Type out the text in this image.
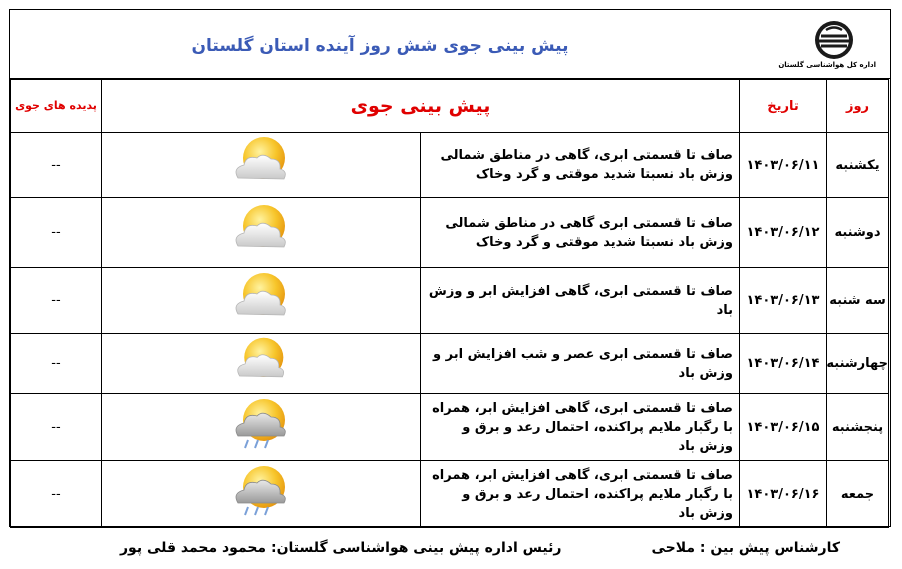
پیش بینی جوی شش روز آینده استان گلستان
اداره کل هواشناسی گلستان
روز	تاریخ	پیش بینی جوی		پدیده های جوی
یکشنبه	۱۴۰۳/۰۶/۱۱	صاف تا قسمتی ابری، گاهی در مناطق شمالی وزش باد نسبتا شدید موقتی و گرد وخاک		--
دوشنبه	۱۴۰۳/۰۶/۱۲	صاف تا قسمتی ابری گاهی در مناطق شمالی وزش باد نسبتا شدید موقتی و گرد وخاک		--
سه شنبه	۱۴۰۳/۰۶/۱۳	صاف تا قسمتی ابری، گاهی افزایش ابر و وزش باد		--
چهارشنبه	۱۴۰۳/۰۶/۱۴	صاف تا قسمتی ابری عصر و شب افزایش ابر و وزش باد		--
پنجشنبه	۱۴۰۳/۰۶/۱۵	صاف تا قسمتی ابری، گاهی افزایش ابر، همراه با رگبار ملایم پراکنده، احتمال رعد و برق و وزش باد		--
جمعه	۱۴۰۳/۰۶/۱۶	صاف تا قسمتی ابری، گاهی افزایش ابر، همراه با رگبار ملایم پراکنده، احتمال رعد و برق و وزش باد		--
کارشناس پیش بین : ملاحی
رئیس اداره پیش بینی هواشناسی گلستان: محمود محمد قلی پور
